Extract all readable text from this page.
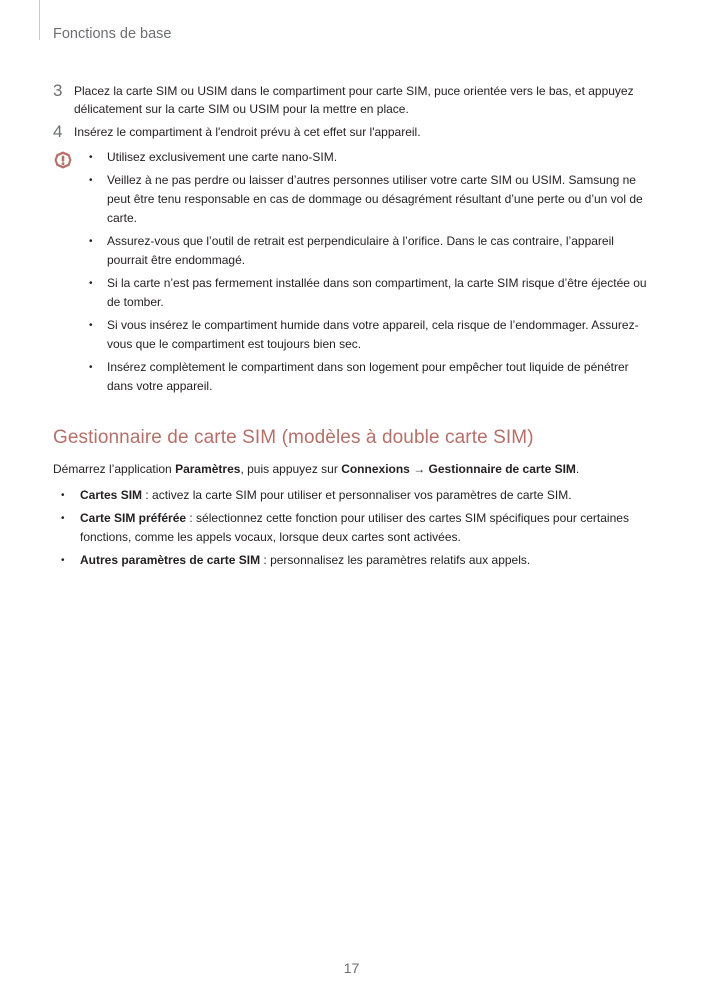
Fonctions de base
3 Placez la carte SIM ou USIM dans le compartiment pour carte SIM, puce orientée vers le bas, et appuyez délicatement sur la carte SIM ou USIM pour la mettre en place.
4 Insérez le compartiment à l'endroit prévu à cet effet sur l'appareil.
• Utilisez exclusivement une carte nano-SIM.
• Veillez à ne pas perdre ou laisser d’autres personnes utiliser votre carte SIM ou USIM. Samsung ne peut être tenu responsable en cas de dommage ou désagrément résultant d’une perte ou d’un vol de carte.
• Assurez-vous que l’outil de retrait est perpendiculaire à l’orifice. Dans le cas contraire, l’appareil pourrait être endommagé.
• Si la carte n’est pas fermement installée dans son compartiment, la carte SIM risque d’être éjectée ou de tomber.
• Si vous insérez le compartiment humide dans votre appareil, cela risque de l’endommager. Assurez-vous que le compartiment est toujours bien sec.
• Insérez complètement le compartiment dans son logement pour empêcher tout liquide de pénétrer dans votre appareil.
Gestionnaire de carte SIM (modèles à double carte SIM)
Démarrez l’application Paramètres, puis appuyez sur Connexions → Gestionnaire de carte SIM.
• Cartes SIM : activez la carte SIM pour utiliser et personnaliser vos paramètres de carte SIM.
• Carte SIM préférée : sélectionnez cette fonction pour utiliser des cartes SIM spécifiques pour certaines fonctions, comme les appels vocaux, lorsque deux cartes sont activées.
• Autres paramètres de carte SIM : personnalisez les paramètres relatifs aux appels.
17
